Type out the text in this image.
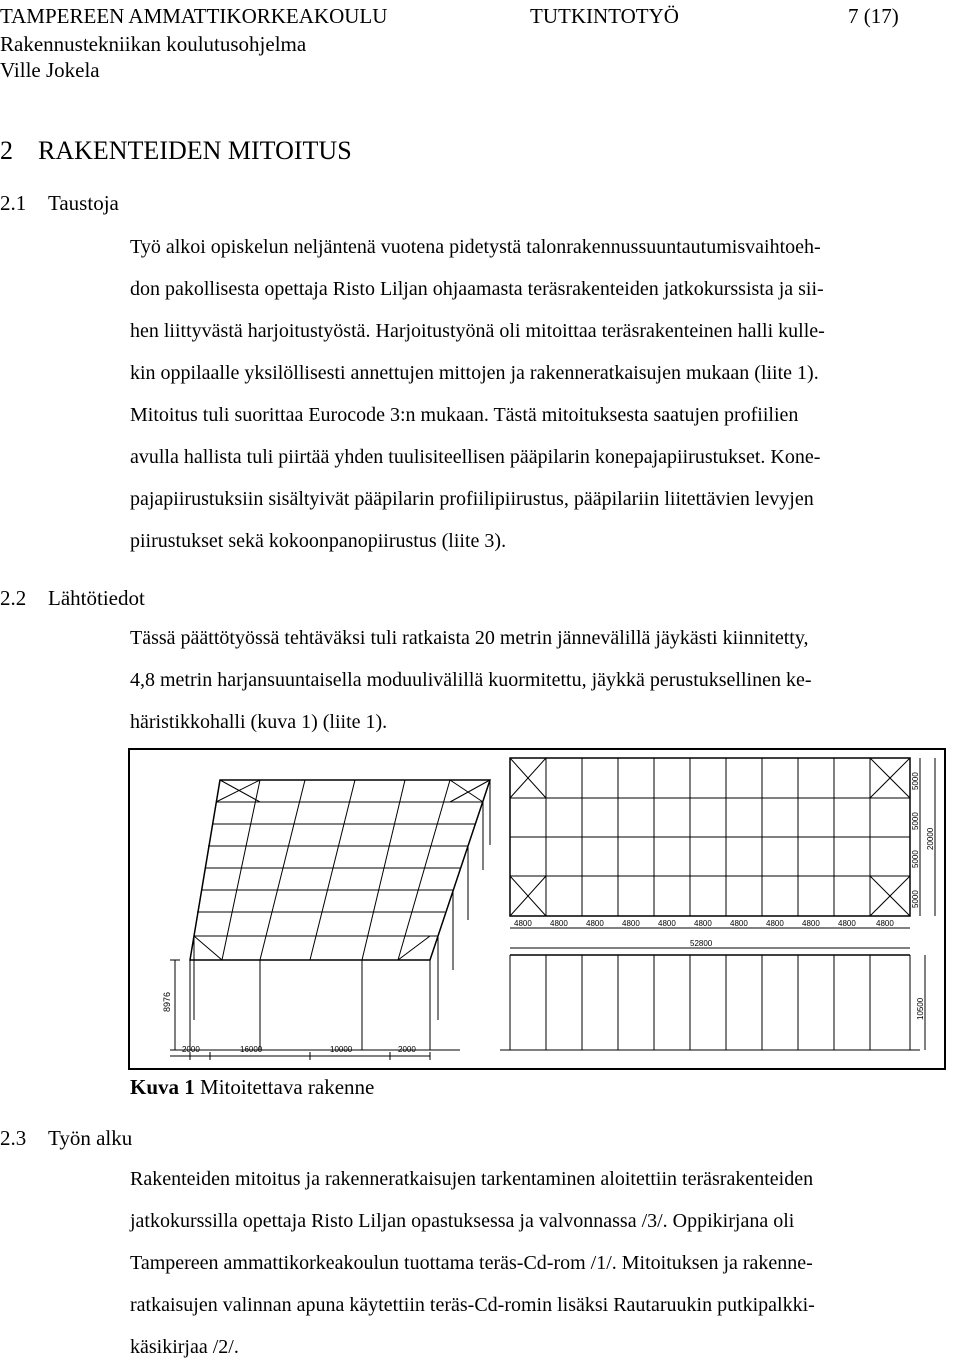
TAMPEREEN AMMATTIKORKEAKOULU	TUTKINTOTYÖ	7 (17)
Rakennustekniikan koulutusohjelma
Ville Jokela
2 RAKENTEIDEN MITOITUS
2.1 Taustoja
Työ alkoi opiskelun neljäntenä vuotena pidetystä talonrakennussuuntautumisvaihtoeh-
don pakollisesta opettaja Risto Liljan ohjaamasta teräsrakenteiden jatkokurssista ja sii-
hen liittyvästä harjoitustyöstä. Harjoitustyönä oli mitoittaa teräsrakenteinen halli kulle-
kin oppilaalle yksilöllisesti annettujen mittojen ja rakenneratkaisujen mukaan (liite 1).
Mitoitus tuli suorittaa Eurocode 3:n mukaan. Tästä mitoituksesta saatujen profiilien
avulla hallista tuli piirtää yhden tuulisiteellisen pääpilarin konepajapiirustukset. Kone-
pajapiirustuksiin sisältyivät pääpilarin profiilipiirustus, pääpilariin liitettävien levyjen
piirustukset sekä kokoonpanopiirustus (liite 3).
2.2 Lähtötiedot
Tässä päättötyössä tehtäväksi tuli ratkaista 20 metrin jännevälillä jäykästi kiinnitetty,
4,8 metrin harjansuuntaisella moduulivälillä kuormitettu, jäykkä perustuksellinen ke-
häristikkohalli (kuva 1) (liite 1).
8976
2000	16000	10000	2000
4800 4800 4800 4800 4800 4800 4800 4800 4800 4800	4800
52800
5000
5000
5000
5000
20000
10500
Kuva 1 Mitoitettava rakenne
2.3 Työn alku
Rakenteiden mitoitus ja rakenneratkaisujen tarkentaminen aloitettiin teräsrakenteiden
jatkokurssilla opettaja Risto Liljan opastuksessa ja valvonnassa /3/. Oppikirjana oli
Tampereen ammattikorkeakoulun tuottama teräs-Cd-rom /1/. Mitoituksen ja rakenne-
ratkaisujen valinnan apuna käytettiin teräs-Cd-romin lisäksi Rautaruukin putkipalkki-
käsikirjaa /2/.
